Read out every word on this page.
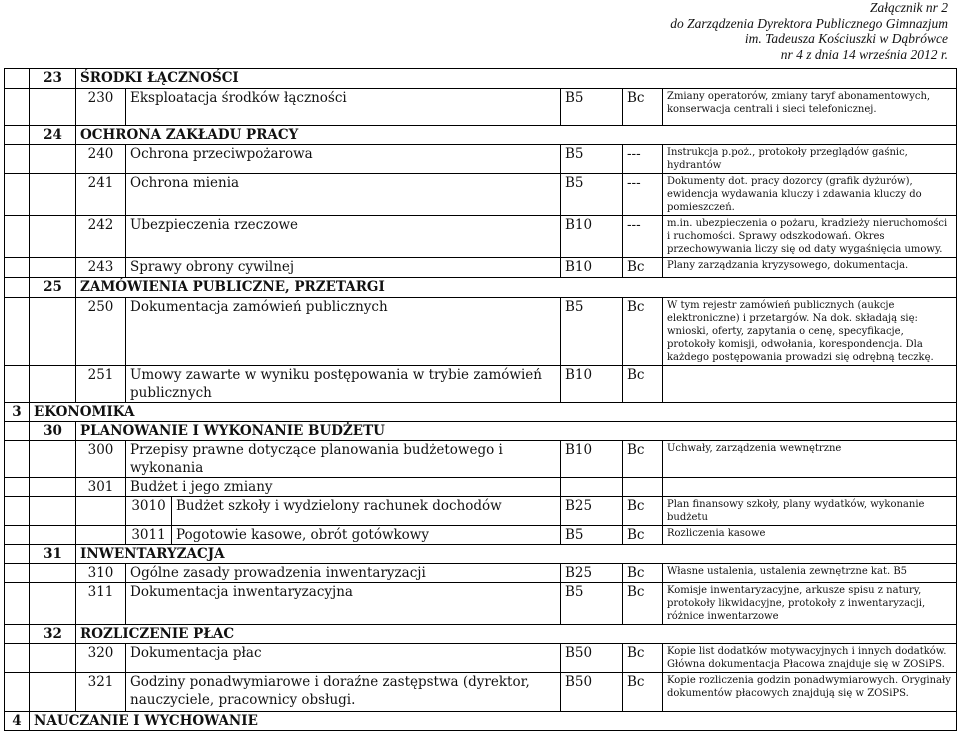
Załącznik nr 2
do Zarządzenia Dyrektora Publicznego Gimnazjum
im. Tadeusza Kościuszki w Dąbrówce
nr 4 z dnia 14 września 2012 r.
	23	ŚRODKI ŁĄCZNOŚCI					
		230	Eksploatacja środków łączności		B5	Bc	Zmiany operatorów, zmiany taryf abonamentowych, konserwacja centrali i sieci telefonicznej.
	24	OCHRONA ZAKŁADU PRACY					
		240	Ochrona przeciwpożarowa		B5	---	Instrukcja p.poż., protokoły przeglądów gaśnic, hydrantów
		241	Ochrona mienia		B5	---	Dokumenty dot. pracy dozorcy (grafik dyżurów), ewidencja wydawania kluczy i zdawania kluczy do pomieszczeń.
		242	Ubezpieczenia rzeczowe		B10	---	m.in. ubezpieczenia o pożaru, kradzieży nieruchomości i ruchomości. Sprawy odszkodowań. Okres przechowywania liczy się od daty wygaśnięcia umowy.
		243	Sprawy obrony cywilnej		B10	Bc	Plany zarządzania kryzysowego, dokumentacja.
	25	ZAMÓWIENIA PUBLICZNE, PRZETARGI					
		250	Dokumentacja zamówień publicznych		B5	Bc	W tym rejestr zamówień publicznych (aukcje elektroniczne) i przetargów. Na dok. składają się: wnioski, oferty, zapytania o cenę, specyfikacje, protokoły komisji, odwołania, korespondencja. Dla każdego postępowania prowadzi się odrębną teczkę.
		251	Umowy zawarte w wyniku postępowania w trybie zamówień publicznych		B10	Bc	
3	EKONOMIKA						
	30	PLANOWANIE I WYKONANIE BUDŻETU					
		300	Przepisy prawne dotyczące planowania budżetowego i wykonania		B10	Bc	Uchwały, zarządzenia wewnętrzne
		301	Budżet i jego zmiany				
			3010	Budżet szkoły i wydzielony rachunek dochodów	B25	Bc	Plan finansowy szkoły, plany wydatków, wykonanie budżetu
			3011	Pogotowie kasowe, obrót gotówkowy	B5	Bc	Rozliczenia kasowe
	31	INWENTARYZACJA					
		310	Ogólne zasady prowadzenia inwentaryzacji		B25	Bc	Własne ustalenia, ustalenia zewnętrzne kat. B5
		311	Dokumentacja inwentaryzacyjna		B5	Bc	Komisje inwentaryzacyjne, arkusze spisu z natury, protokoły likwidacyjne, protokoły z inwentaryzacji, różnice inwentarzowe
	32	ROZLICZENIE PŁAC					
		320	Dokumentacja płac		B50	Bc	Kopie list dodatków motywacyjnych i innych dodatków. Główna dokumentacja Płacowa znajduje się w ZOSiPS.
		321	Godziny ponadwymiarowe i doraźne zastępstwa (dyrektor, nauczyciele, pracownicy obsługi.		B50	Bc	Kopie rozliczenia godzin ponadwymiarowych. Oryginały dokumentów płacowych znajdują się w ZOSiPS.
4	NAUCZANIE I WYCHOWANIE						
